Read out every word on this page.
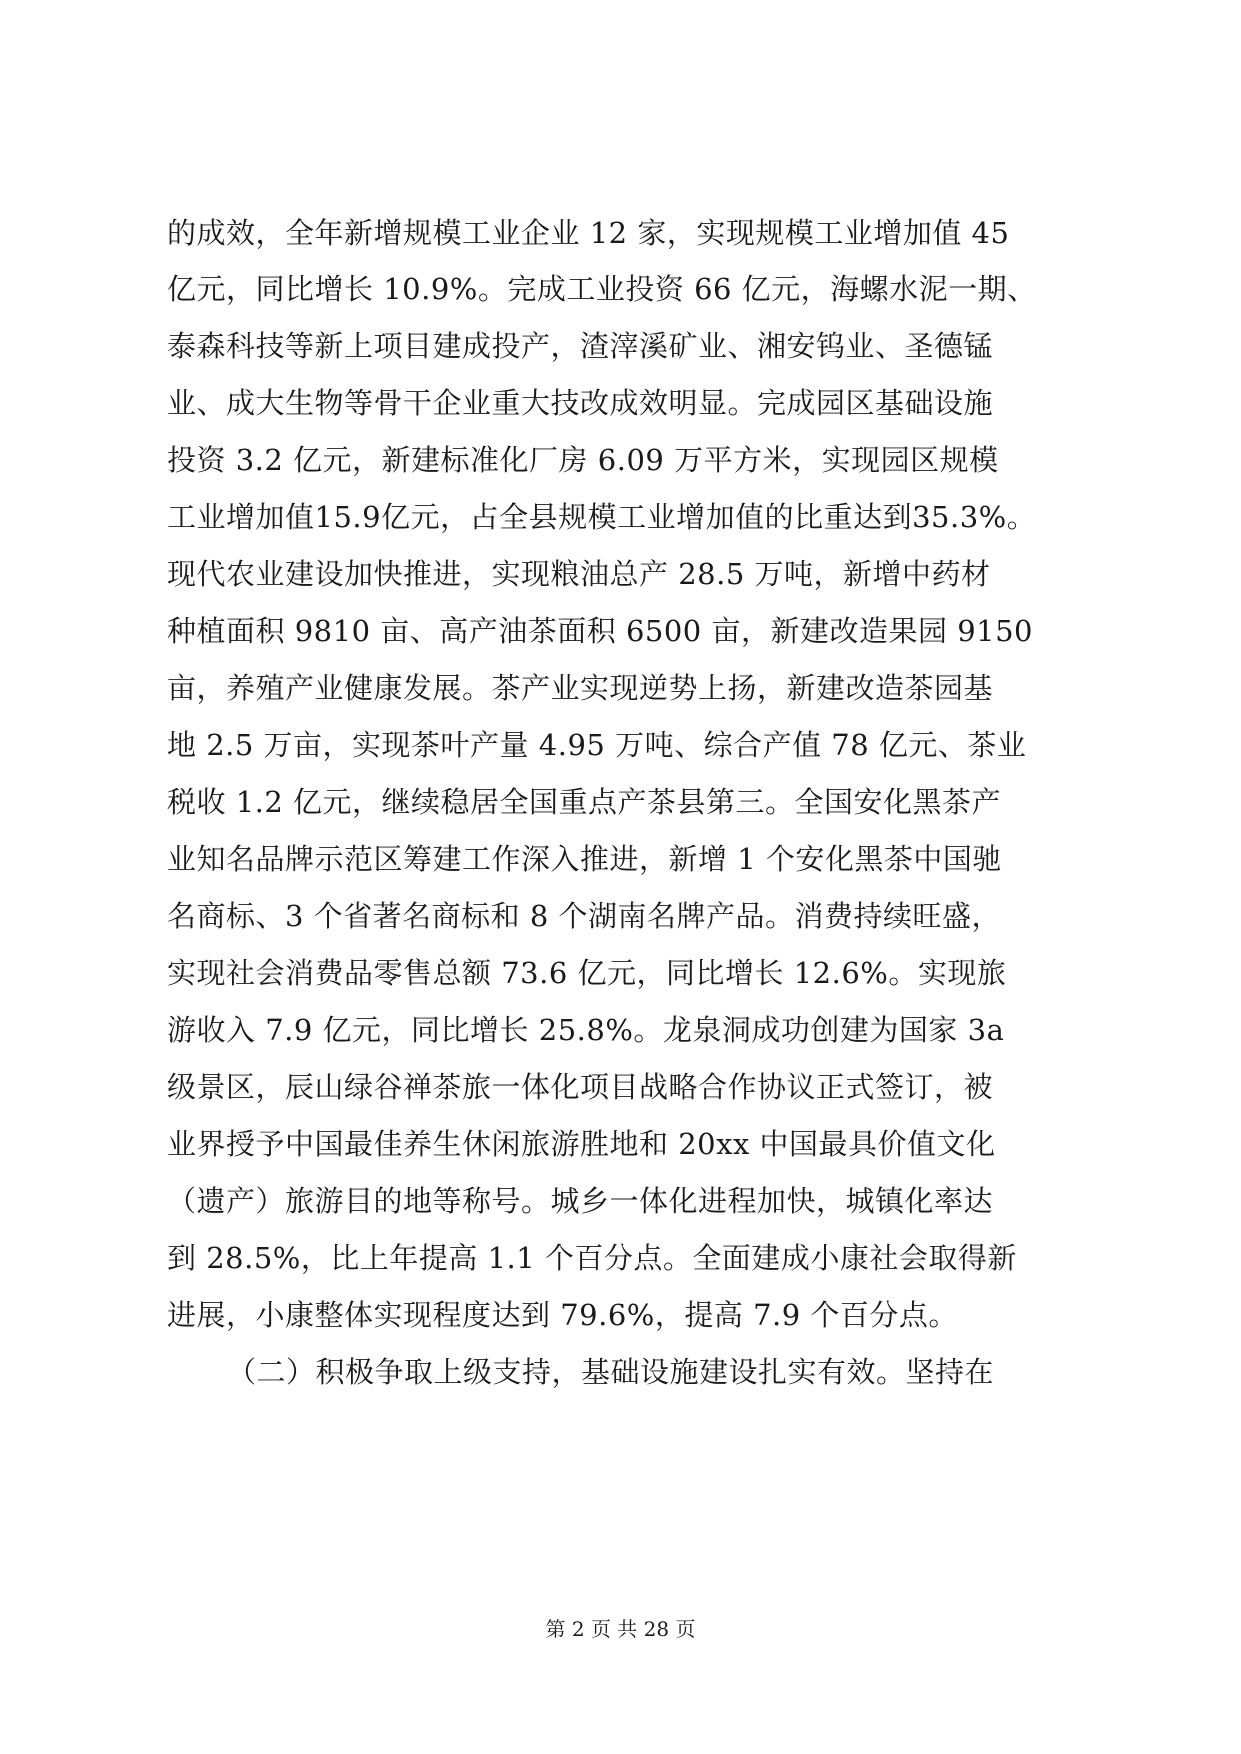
的成效，全年新增规模工业企业 12 家，实现规模工业增加值 45
亿元，同比增长 10.9%。完成工业投资 66 亿元，海螺水泥一期、
泰森科技等新上项目建成投产，渣滓溪矿业、湘安钨业、圣德锰
业、成大生物等骨干企业重大技改成效明显。完成园区基础设施
投资 3.2 亿元，新建标准化厂房 6.09 万平方米，实现园区规模
工业增加值15.9亿元，占全县规模工业增加值的比重达到35.3%。
现代农业建设加快推进，实现粮油总产 28.5 万吨，新增中药材
种植面积 9810 亩、高产油茶面积 6500 亩，新建改造果园 9150
亩，养殖产业健康发展。茶产业实现逆势上扬，新建改造茶园基
地 2.5 万亩，实现茶叶产量 4.95 万吨、综合产值 78 亿元、茶业
税收 1.2 亿元，继续稳居全国重点产茶县第三。全国安化黑茶产
业知名品牌示范区筹建工作深入推进，新增 1 个安化黑茶中国驰
名商标、3 个省著名商标和 8 个湖南名牌产品。消费持续旺盛，
实现社会消费品零售总额 73.6 亿元，同比增长 12.6%。实现旅
游收入 7.9 亿元，同比增长 25.8%。龙泉洞成功创建为国家 3a
级景区，辰山绿谷禅茶旅一体化项目战略合作协议正式签订，被
业界授予中国最佳养生休闲旅游胜地和 20xx 中国最具价值文化
（遗产）旅游目的地等称号。城乡一体化进程加快，城镇化率达
到 28.5%，比上年提高 1.1 个百分点。全面建成小康社会取得新
进展，小康整体实现程度达到 79.6%，提高 7.9 个百分点。
（二）积极争取上级支持，基础设施建设扎实有效。坚持在
第 2 页 共 28 页
